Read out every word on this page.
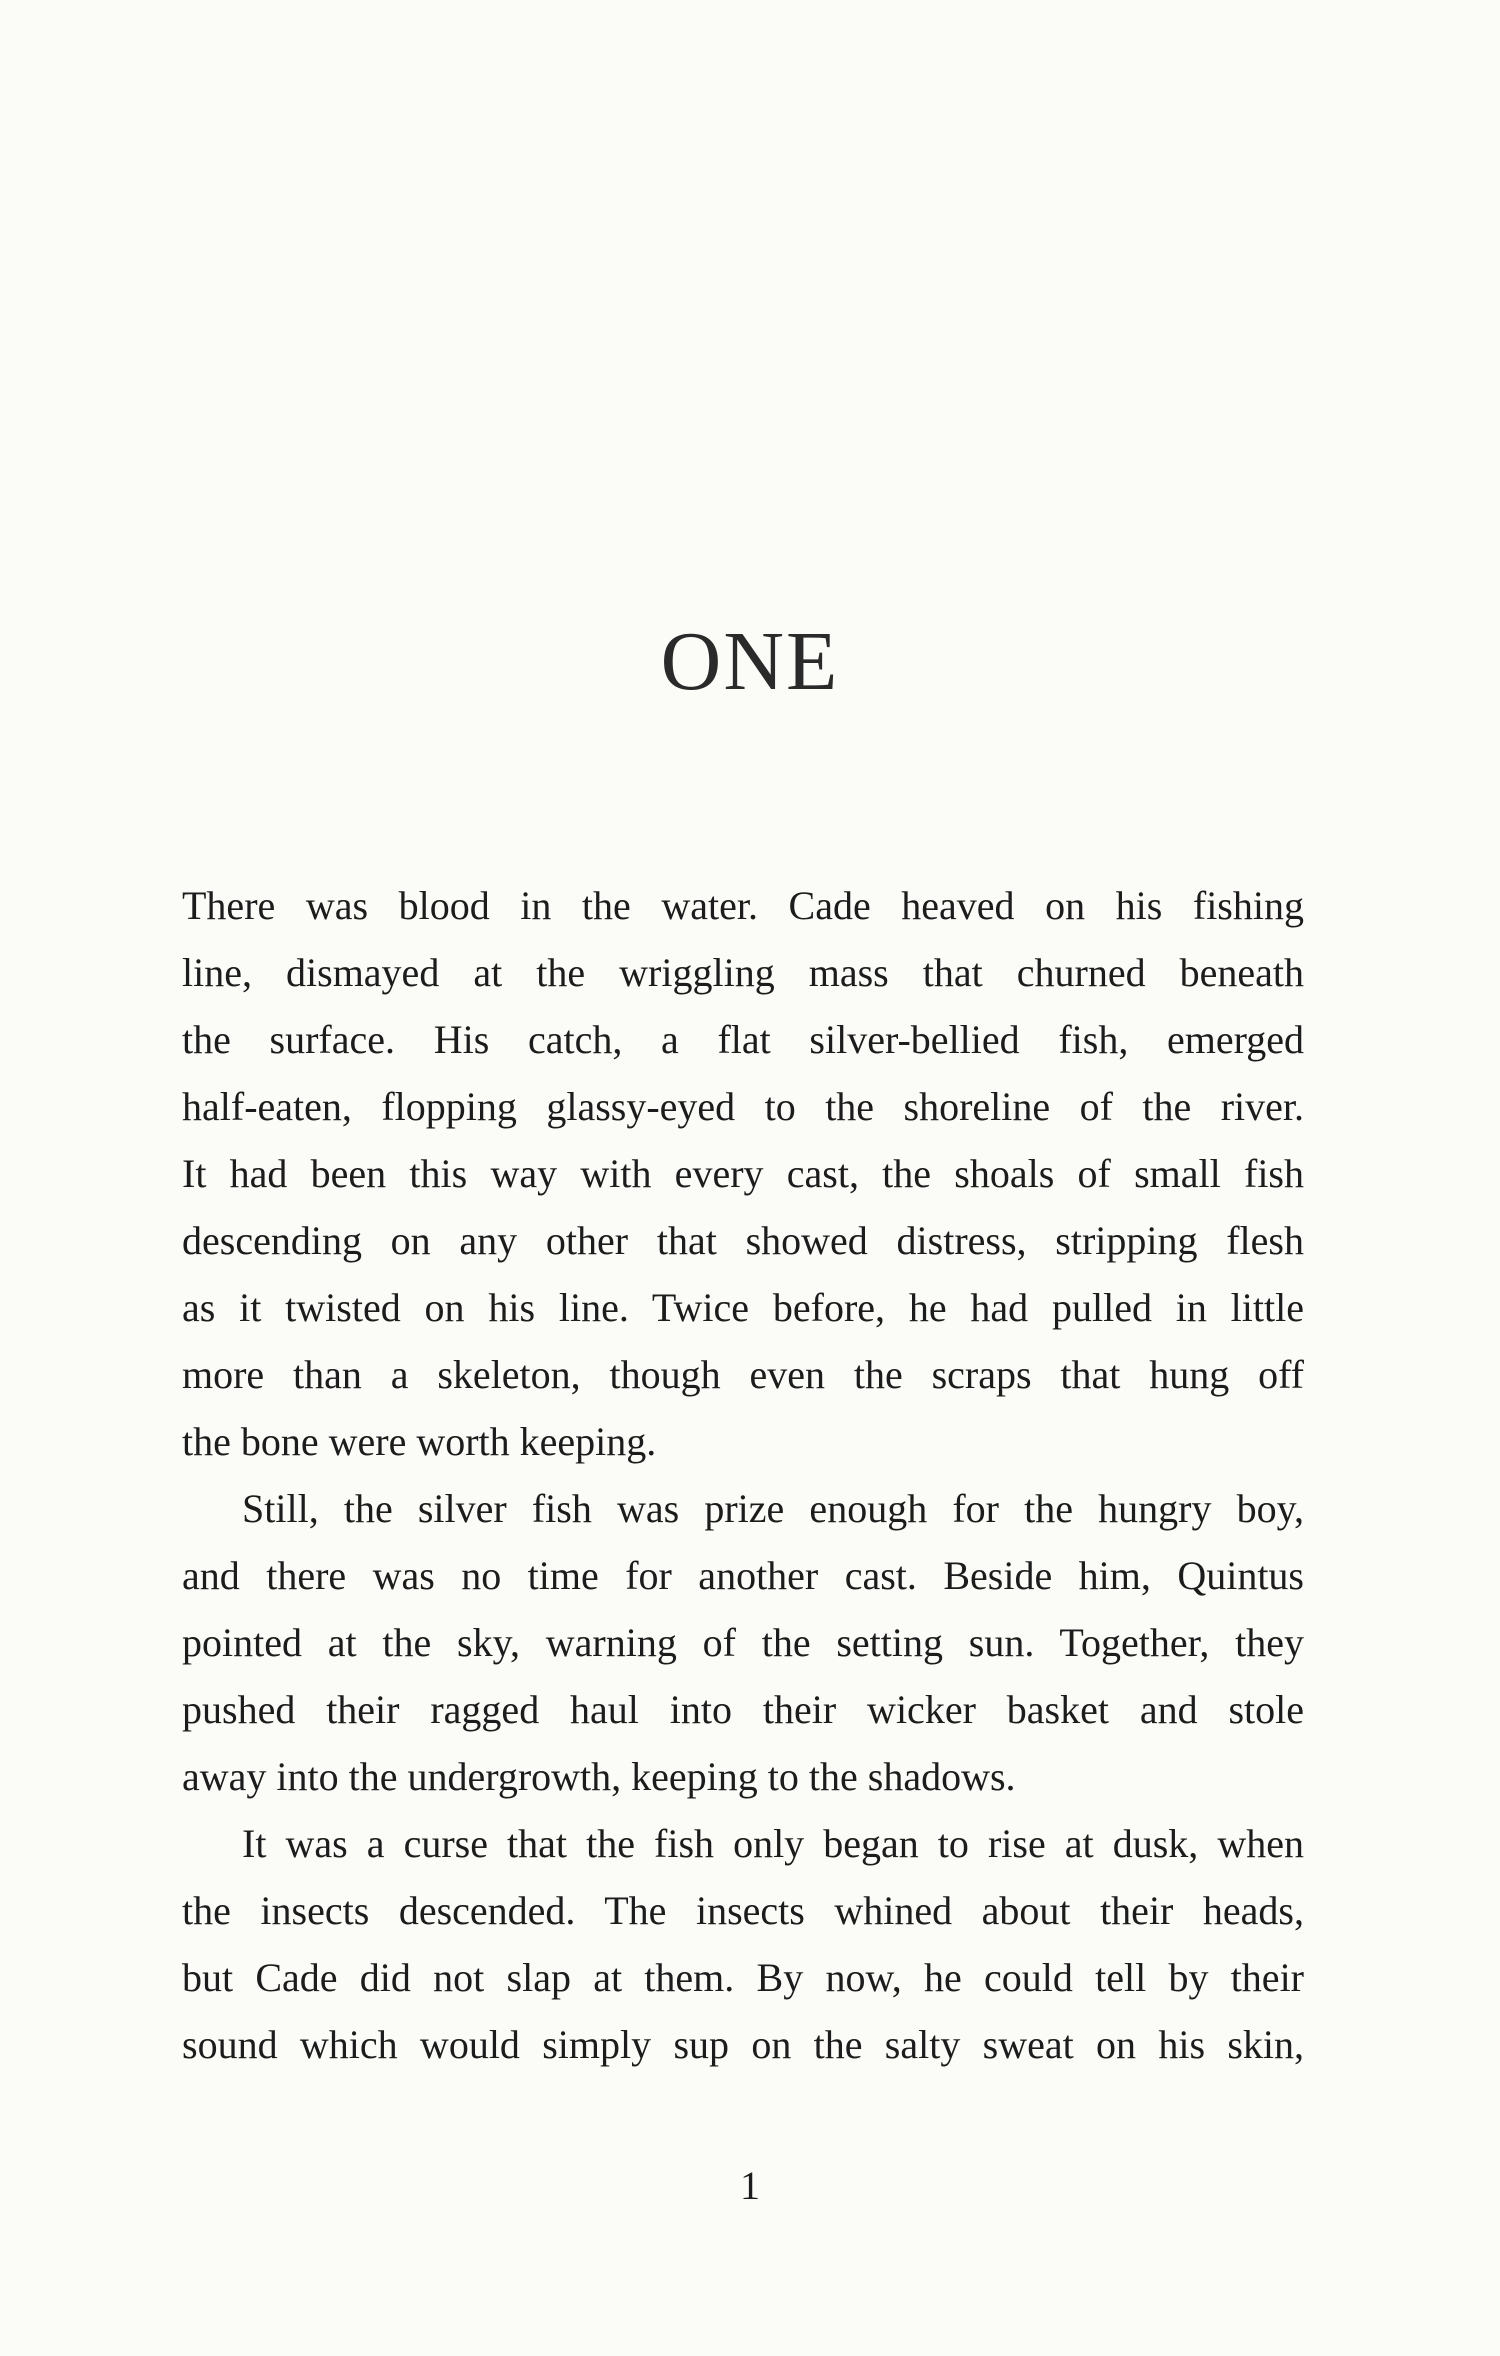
ONE
There was blood in the water. Cade heaved on his fishing
line, dismayed at the wriggling mass that churned beneath
the surface. His catch, a flat silver-bellied fish, emerged
half-eaten, flopping glassy-eyed to the shoreline of the river.
It had been this way with every cast, the shoals of small fish
descending on any other that showed distress, stripping flesh
as it twisted on his line. Twice before, he had pulled in little
more than a skeleton, though even the scraps that hung off
the bone were worth keeping.
Still, the silver fish was prize enough for the hungry boy,
and there was no time for another cast. Beside him, Quintus
pointed at the sky, warning of the setting sun. Together, they
pushed their ragged haul into their wicker basket and stole
away into the undergrowth, keeping to the shadows.
It was a curse that the fish only began to rise at dusk, when
the insects descended. The insects whined about their heads,
but Cade did not slap at them. By now, he could tell by their
sound which would simply sup on the salty sweat on his skin,
1
